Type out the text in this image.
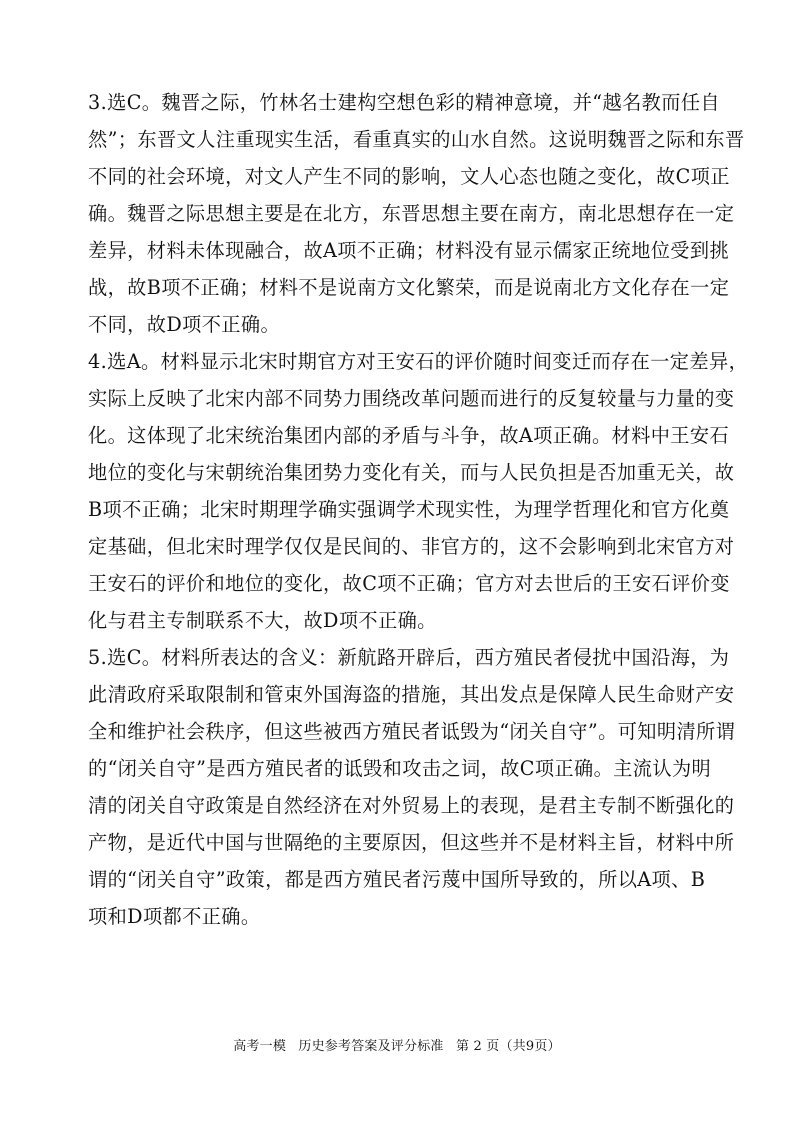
3.选C。魏晋之际，竹林名士建构空想色彩的精神意境，并“越名教而任自
然”；东晋文人注重现实生活，看重真实的山水自然。这说明魏晋之际和东晋
不同的社会环境，对文人产生不同的影响，文人心态也随之变化，故C项正
确。魏晋之际思想主要是在北方，东晋思想主要在南方，南北思想存在一定
差异，材料未体现融合，故A项不正确；材料没有显示儒家正统地位受到挑
战，故B项不正确；材料不是说南方文化繁荣，而是说南北方文化存在一定
不同，故D项不正确。

4.选A。材料显示北宋时期官方对王安石的评价随时间变迁而存在一定差异，
实际上反映了北宋内部不同势力围绕改革问题而进行的反复较量与力量的变
化。这体现了北宋统治集团内部的矛盾与斗争，故A项正确。材料中王安石
地位的变化与宋朝统治集团势力变化有关，而与人民负担是否加重无关，故
B项不正确；北宋时期理学确实强调学术现实性，为理学哲理化和官方化奠
定基础，但北宋时理学仅仅是民间的、非官方的，这不会影响到北宋官方对
王安石的评价和地位的变化，故C项不正确；官方对去世后的王安石评价变
化与君主专制联系不大，故D项不正确。

5.选C。材料所表达的含义：新航路开辟后，西方殖民者侵扰中国沿海，为
此清政府采取限制和管束外国海盗的措施，其出发点是保障人民生命财产安
全和维护社会秩序，但这些被西方殖民者诋毁为“闭关自守”。可知明清所谓
的“闭关自守”是西方殖民者的诋毁和攻击之词，故C项正确。主流认为明
清的闭关自守政策是自然经济在对外贸易上的表现，是君主专制不断强化的
产物，是近代中国与世隔绝的主要原因，但这些并不是材料主旨，材料中所
谓的“闭关自守”政策，都是西方殖民者污蔑中国所导致的，所以A项、B
项和D项都不正确。

高考一模 历史参考答案及评分标准 第 2 页（共9页）
